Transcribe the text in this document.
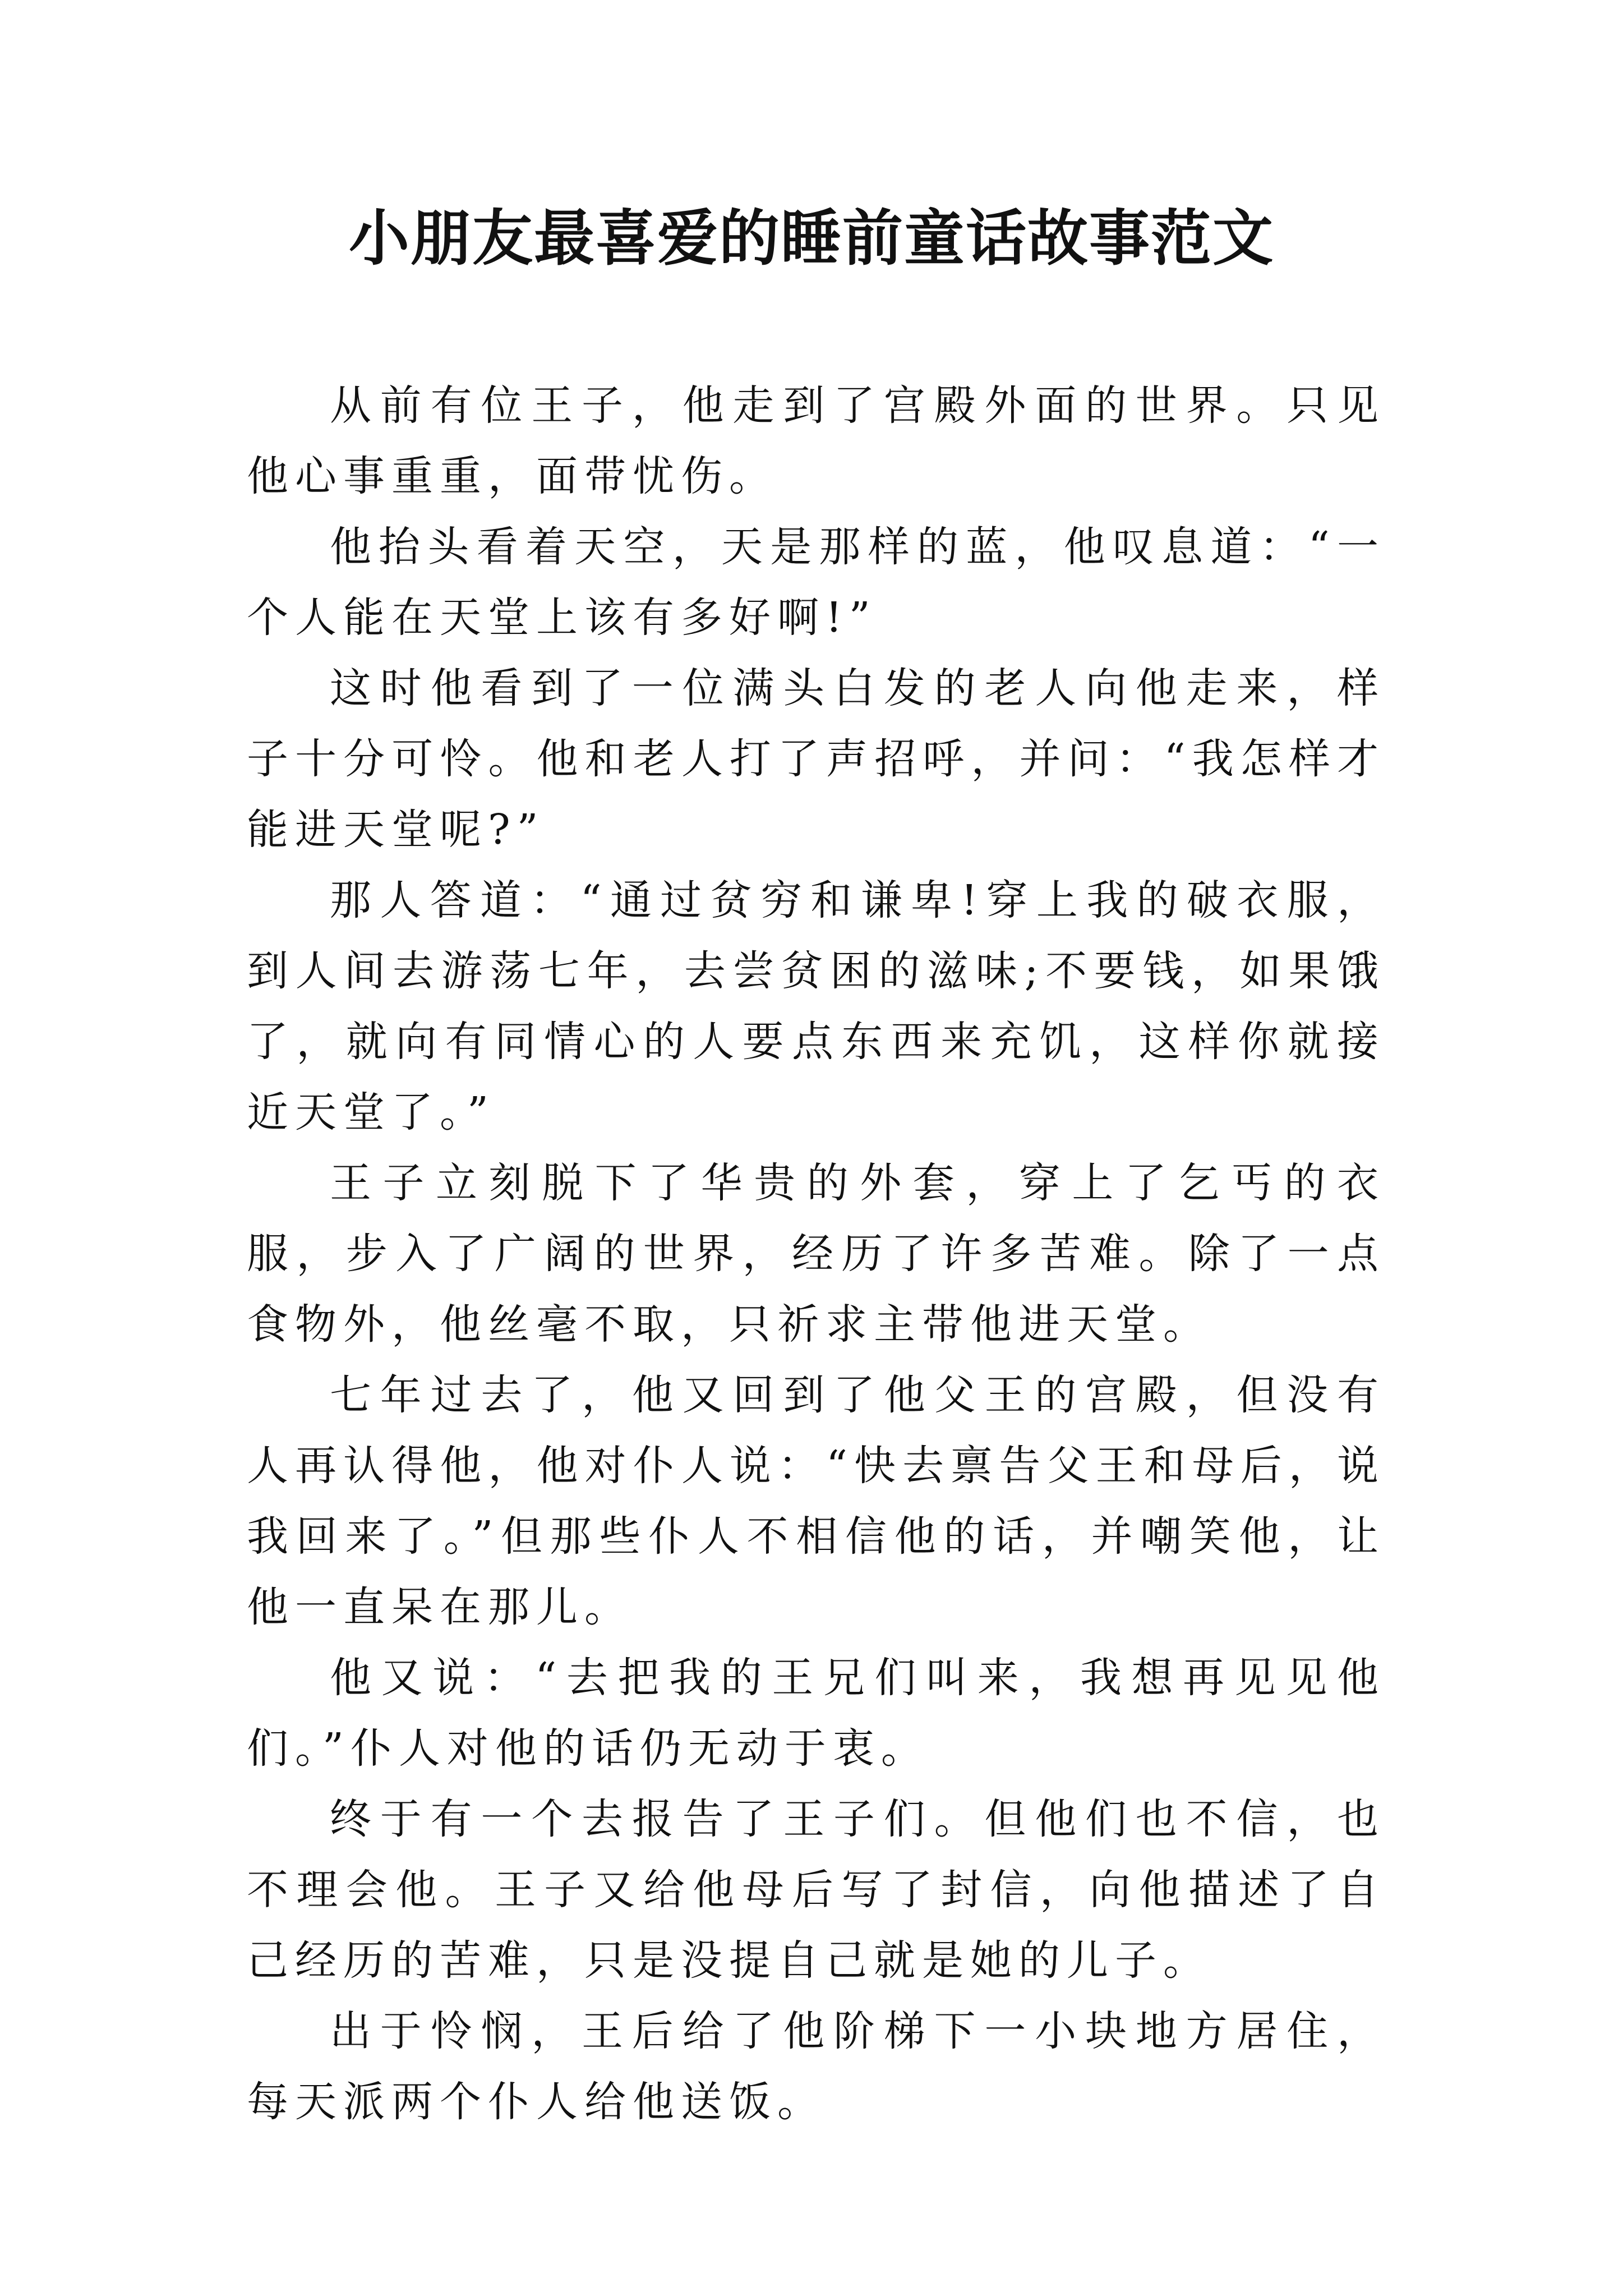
小朋友最喜爱的睡前童话故事范文

从前有位王子，他走到了宫殿外面的世界。只见他心事重重，面带忧伤。

他抬头看着天空，天是那样的蓝，他叹息道：“一个人能在天堂上该有多好啊!”

这时他看到了一位满头白发的老人向他走来，样子十分可怜。他和老人打了声招呼，并问：“我怎样才能进天堂呢?”

那人答道：“通过贫穷和谦卑!穿上我的破衣服，到人间去游荡七年，去尝贫困的滋味;不要钱，如果饿了，就向有同情心的人要点东西来充饥，这样你就接近天堂了。”

王子立刻脱下了华贵的外套，穿上了乞丐的衣服，步入了广阔的世界，经历了许多苦难。除了一点食物外，他丝毫不取，只祈求主带他进天堂。

七年过去了，他又回到了他父王的宫殿，但没有人再认得他，他对仆人说：“快去禀告父王和母后，说我回来了。”但那些仆人不相信他的话，并嘲笑他，让他一直呆在那儿。

他又说：“去把我的王兄们叫来，我想再见见他们。”仆人对他的话仍无动于衷。

终于有一个去报告了王子们。但他们也不信，也不理会他。王子又给他母后写了封信，向他描述了自己经历的苦难，只是没提自己就是她的儿子。

出于怜悯，王后给了他阶梯下一小块地方居住，每天派两个仆人给他送饭。
